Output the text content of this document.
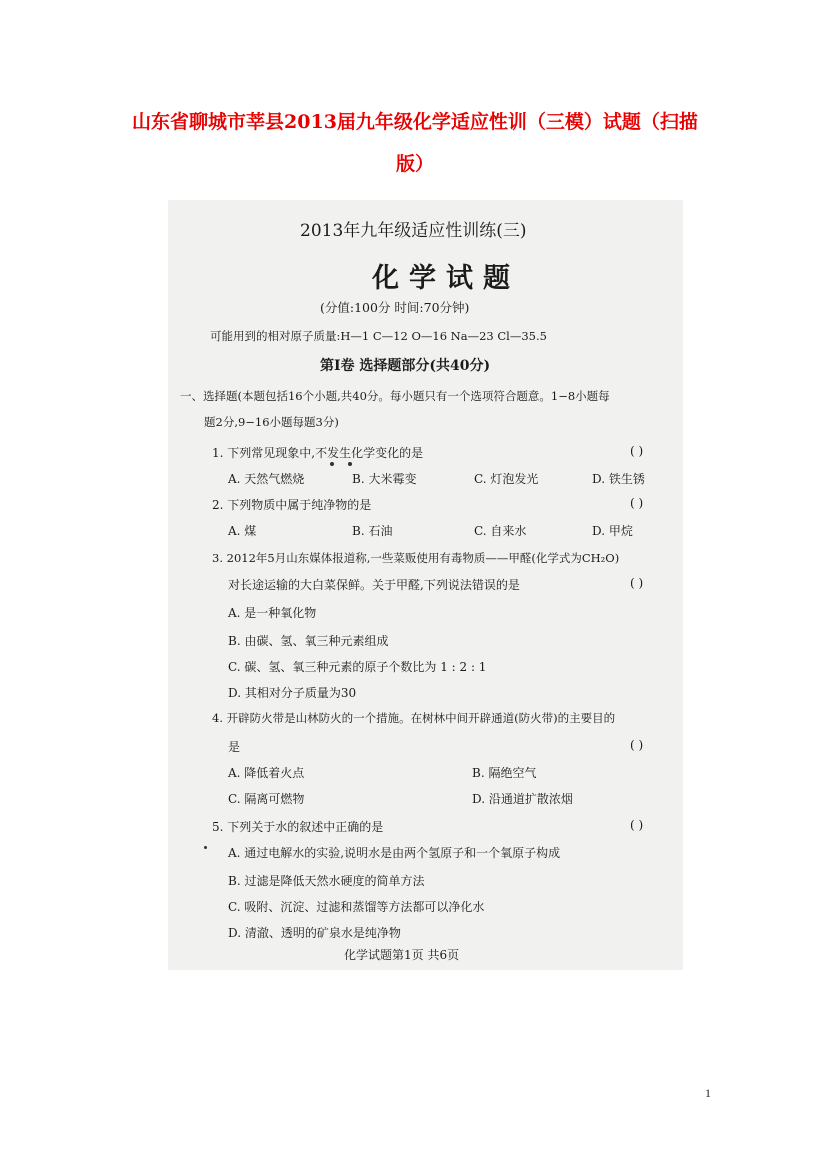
山东省聊城市莘县2013届九年级化学适应性训（三模）试题（扫描
版）
2013年九年级适应性训练(三)
化学试题
(分值:100分 时间:70分钟)
可能用到的相对原子质量:H—1 C—12 O—16 Na—23 Cl—35.5
第Ⅰ卷 选择题部分(共40分)
一、选择题(本题包括16个小题,共40分。每小题只有一个选项符合题意。1−8小题每
题2分,9−16小题每题3分)
1. 下列常见现象中,不发生化学变化的是	( )
A. 天然气燃烧	B. 大米霉变	C. 灯泡发光	D. 铁生锈
2. 下列物质中属于纯净物的是	( )
A. 煤	B. 石油	C. 自来水	D. 甲烷
3. 2012年5月山东媒体报道称,一些菜贩使用有毒物质——甲醛(化学式为CH₂O)
对长途运输的大白菜保鲜。关于甲醛,下列说法错误的是	( )
A. 是一种氧化物
B. 由碳、氢、氧三种元素组成
C. 碳、氢、氧三种元素的原子个数比为 1 : 2 : 1
D. 其相对分子质量为30
4. 开辟防火带是山林防火的一个措施。在树林中间开辟通道(防火带)的主要目的
是	( )
A. 降低着火点	B. 隔绝空气
C. 隔离可燃物	D. 沿通道扩散浓烟
5. 下列关于水的叙述中正确的是	( )
A. 通过电解水的实验,说明水是由两个氢原子和一个氧原子构成
B. 过滤是降低天然水硬度的简单方法
C. 吸附、沉淀、过滤和蒸馏等方法都可以净化水
D. 清澈、透明的矿泉水是纯净物
化学试题第1页 共6页
1
